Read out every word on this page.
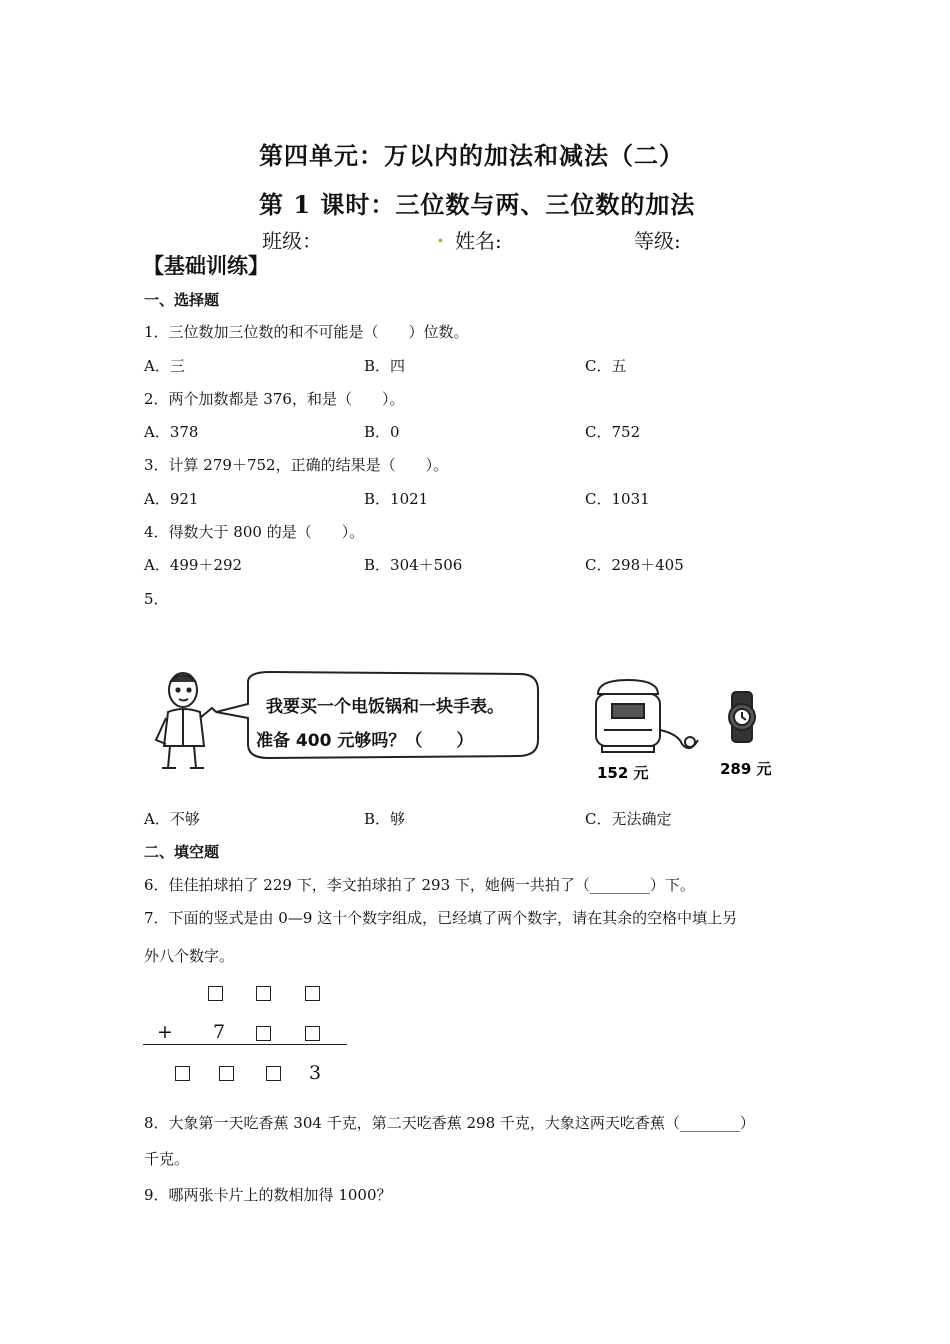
第四单元：万以内的加法和减法（二）
第 1 课时：三位数与两、三位数的加法
班级：	. 姓名:	等级:
【基础训练】
一、选择题
1．三位数加三位数的和不可能是（　　）位数。
A．三	B．四	C．五
2．两个加数都是 376，和是（　　）。
A．378	B．0	C．752
3．计算 279＋752，正确的结果是（　　）。
A．921	B．1021	C．1031
4．得数大于 800 的是（　　）。
A．499＋292	B．304＋506	C．298＋405
5．
我要买一个电饭锅和一块手表。
准备 400 元够吗？（　　）
152 元	289 元
A．不够	B．够	C．无法确定
二、填空题
6．佳佳拍球拍了 229 下，李文拍球拍了 293 下，她俩一共拍了（________）下。
7．下面的竖式是由 0—9 这十个数字组成，已经填了两个数字，请在其余的空格中填上另
外八个数字。
+ 7
3
8．大象第一天吃香蕉 304 千克，第二天吃香蕉 298 千克，大象这两天吃香蕉（________）
千克。
9．哪两张卡片上的数相加得 1000？
